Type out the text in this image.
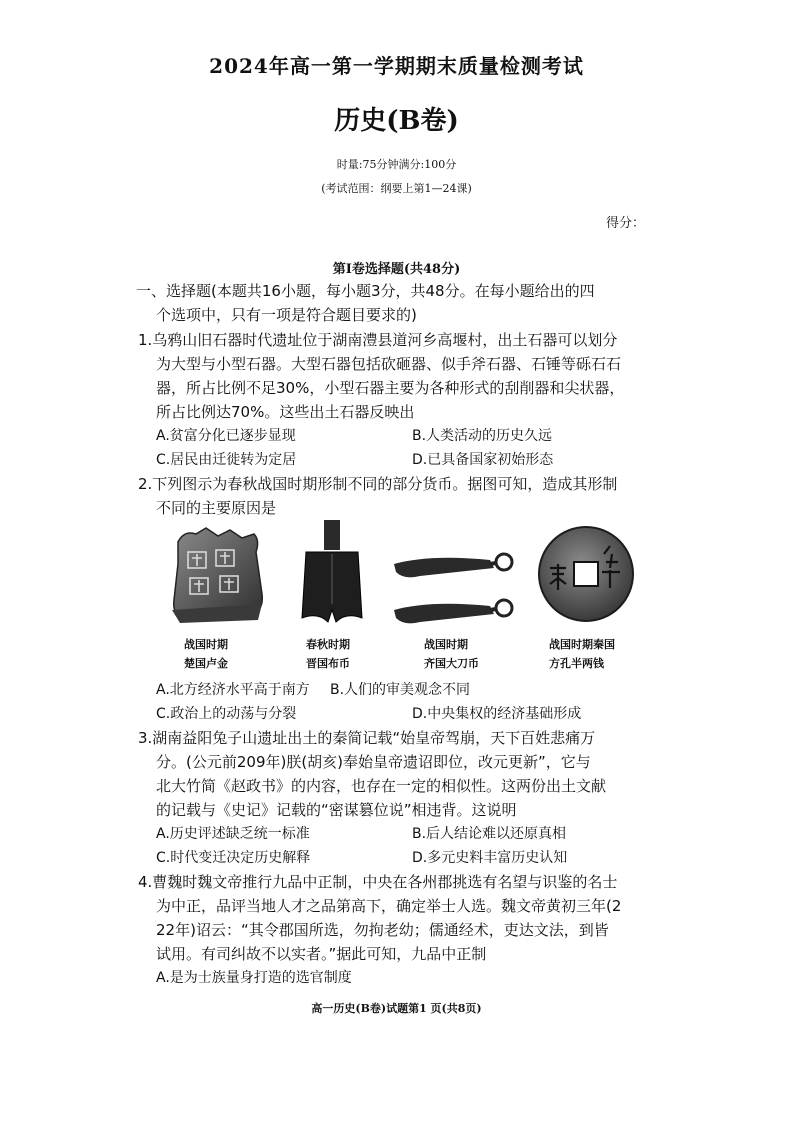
2024年高一第一学期期末质量检测考试
历史(B卷)
时量:75分钟满分:100分
(考试范围：纲要上第1—24课)
得分：
第Ⅰ卷选择题(共48分)
一、选择题(本题共16小题，每小题3分，共48分。在每小题给出的四
个选项中，只有一项是符合题目要求的)
1.乌鸦山旧石器时代遗址位于湖南澧县道河乡高堰村，出土石器可以划分
为大型与小型石器。大型石器包括砍砸器、似手斧石器、石锤等砾石石
器，所占比例不足30%，小型石器主要为各种形式的刮削器和尖状器，
所占比例达70%。这些出土石器反映出
A.贫富分化已逐步显现	B.人类活动的历史久远
C.居民由迁徙转为定居	D.已具备国家初始形态
2.下列图示为春秋战国时期形制不同的部分货币。据图可知，造成其形制
不同的主要原因是
战国时期
楚国卢金
春秋时期
晋国布币
战国时期
齐国大刀币
战国时期秦国
方孔半两钱
A.北方经济水平高于南方 B.人们的审美观念不同
C.政治上的动荡与分裂	D.中央集权的经济基础形成
3.湖南益阳兔子山遗址出土的秦简记载“始皇帝驾崩，天下百姓悲痛万
分。(公元前209年)朕(胡亥)奉始皇帝遗诏即位，改元更新”，它与
北大竹简《赵政书》的内容，也存在一定的相似性。这两份出土文献
的记载与《史记》记载的“密谋篡位说”相违背。这说明
A.历史评述缺乏统一标准	B.后人结论难以还原真相
C.时代变迁决定历史解释	D.多元史料丰富历史认知
4.曹魏时魏文帝推行九品中正制，中央在各州郡挑选有名望与识鉴的名士
为中正，品评当地人才之品第高下，确定举士人选。魏文帝黄初三年(2
22年)诏云：“其令郡国所选，勿拘老幼；儒通经术，吏达文法，到皆
试用。有司纠故不以实者。”据此可知，九品中正制
A.是为士族量身打造的选官制度
高一历史(B卷)试题第1 页(共8页)
